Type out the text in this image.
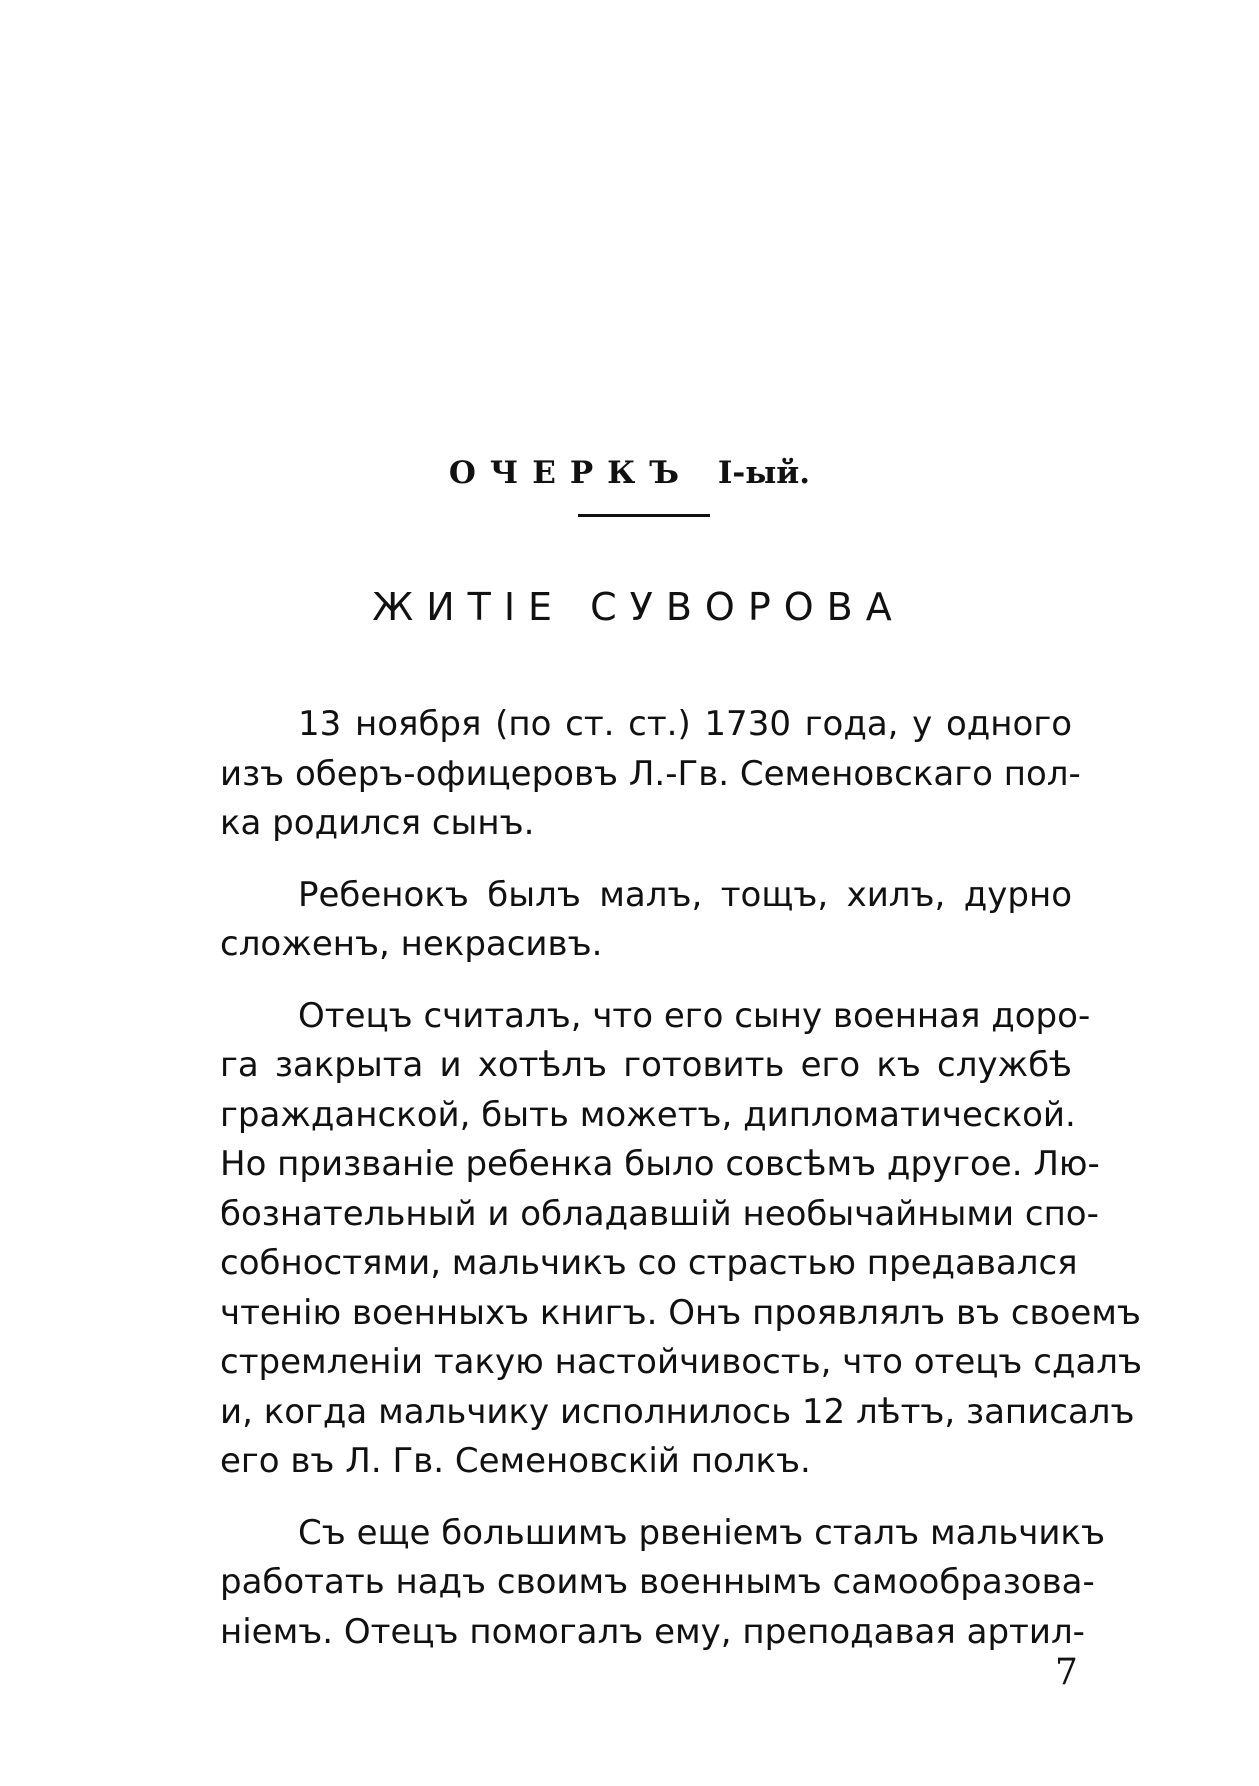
ОЧЕРКЪ I-ый.
ЖИТІЕ СУВОРОВА
13 ноября (по ст. ст.) 1730 года, у одного
изъ оберъ-офицеровъ Л.-Гв. Семеновскаго пол-
ка родился сынъ.
Ребенокъ былъ малъ, тощъ, хилъ, дурно
сложенъ, некрасивъ.
Отецъ считалъ, что его сыну военная доро-
га закрыта и хотѣлъ готовить его къ службѣ
гражданской, быть можетъ, дипломатической.
Но призваніе ребенка было совсѣмъ другое. Лю-
бознательный и обладавшій необычайными спо-
собностями, мальчикъ со страстью предавался
чтенію военныхъ книгъ. Онъ проявлялъ въ своемъ
стремленіи такую настойчивость, что отецъ сдалъ
и, когда мальчику исполнилось 12 лѣтъ, записалъ
его въ Л. Гв. Семеновскій полкъ.
Съ еще большимъ рвеніемъ сталъ мальчикъ
работать надъ своимъ военнымъ самообразова-
ніемъ. Отецъ помогалъ ему, преподавая артил-
7
